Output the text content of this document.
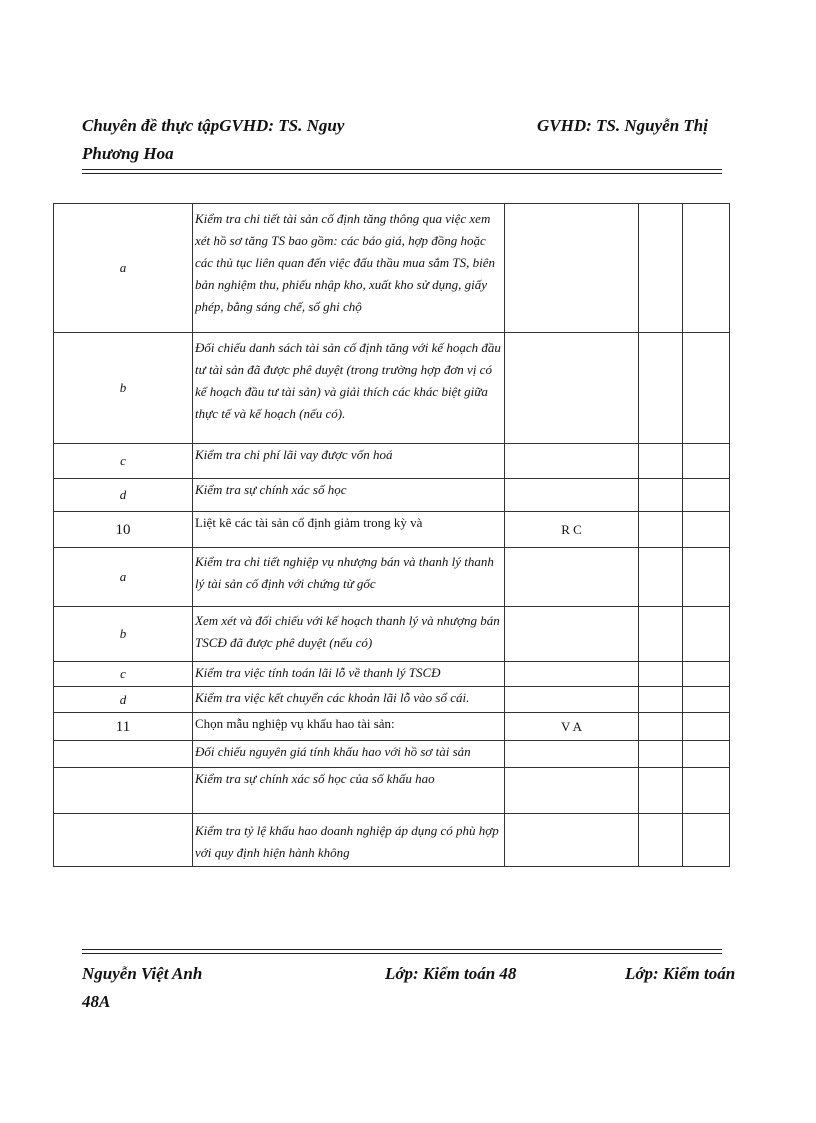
Chuyên đề thực tậpGVHD: TS. Nguy
Phương Hoa
GVHD: TS. Nguyễn Thị
a	Kiểm tra chi tiết tài sản cố định tăng thông qua việc xem xét hồ sơ tăng TS bao gồm: các báo giá, hợp đồng hoặc các thủ tục liên quan đến việc đấu thầu mua sắm TS, biên bản nghiệm thu, phiếu nhập kho, xuất kho sử dụng, giấy phép, bằng sáng chế, sổ ghi chộ			
b	Đối chiếu danh sách tài sản cố định tăng với kế hoạch đầu tư tài sản đã được phê duyệt (trong trường hợp đơn vị có kế hoạch đầu tư tài sản) và giải thích các khác biệt giữa thực tế và kế hoạch (nếu có).			
c	Kiểm tra chi phí lãi vay được vốn hoá			
d	Kiểm tra sự chính xác số học			
10	Liệt kê các tài sản cố định giảm trong kỳ và	R C		
a	Kiểm tra chi tiết nghiệp vụ nhượng bán và thanh lý thanh lý tài sản cố định với chứng từ gốc			
b	Xem xét và đối chiếu với kế hoạch thanh lý và nhượng bán TSCĐ đã được phê duyệt (nếu có)			
c	Kiểm tra việc tính toán lãi lỗ về thanh lý TSCĐ			
d	Kiểm tra việc kết chuyển các khoản lãi lỗ vào sổ cái.			
11	Chọn mẫu nghiệp vụ khấu hao tài sản:	V A		
	Đối chiếu nguyên giá tính khấu hao với hồ sơ tài sản			
	Kiểm tra sự chính xác số học của số khấu hao			
	Kiểm tra tỷ lệ khấu hao doanh nghiệp áp dụng có phù hợp với quy định hiện hành không			
Nguyễn Việt Anh
48A
Lớp: Kiểm toán 48	Lớp: Kiểm toán
